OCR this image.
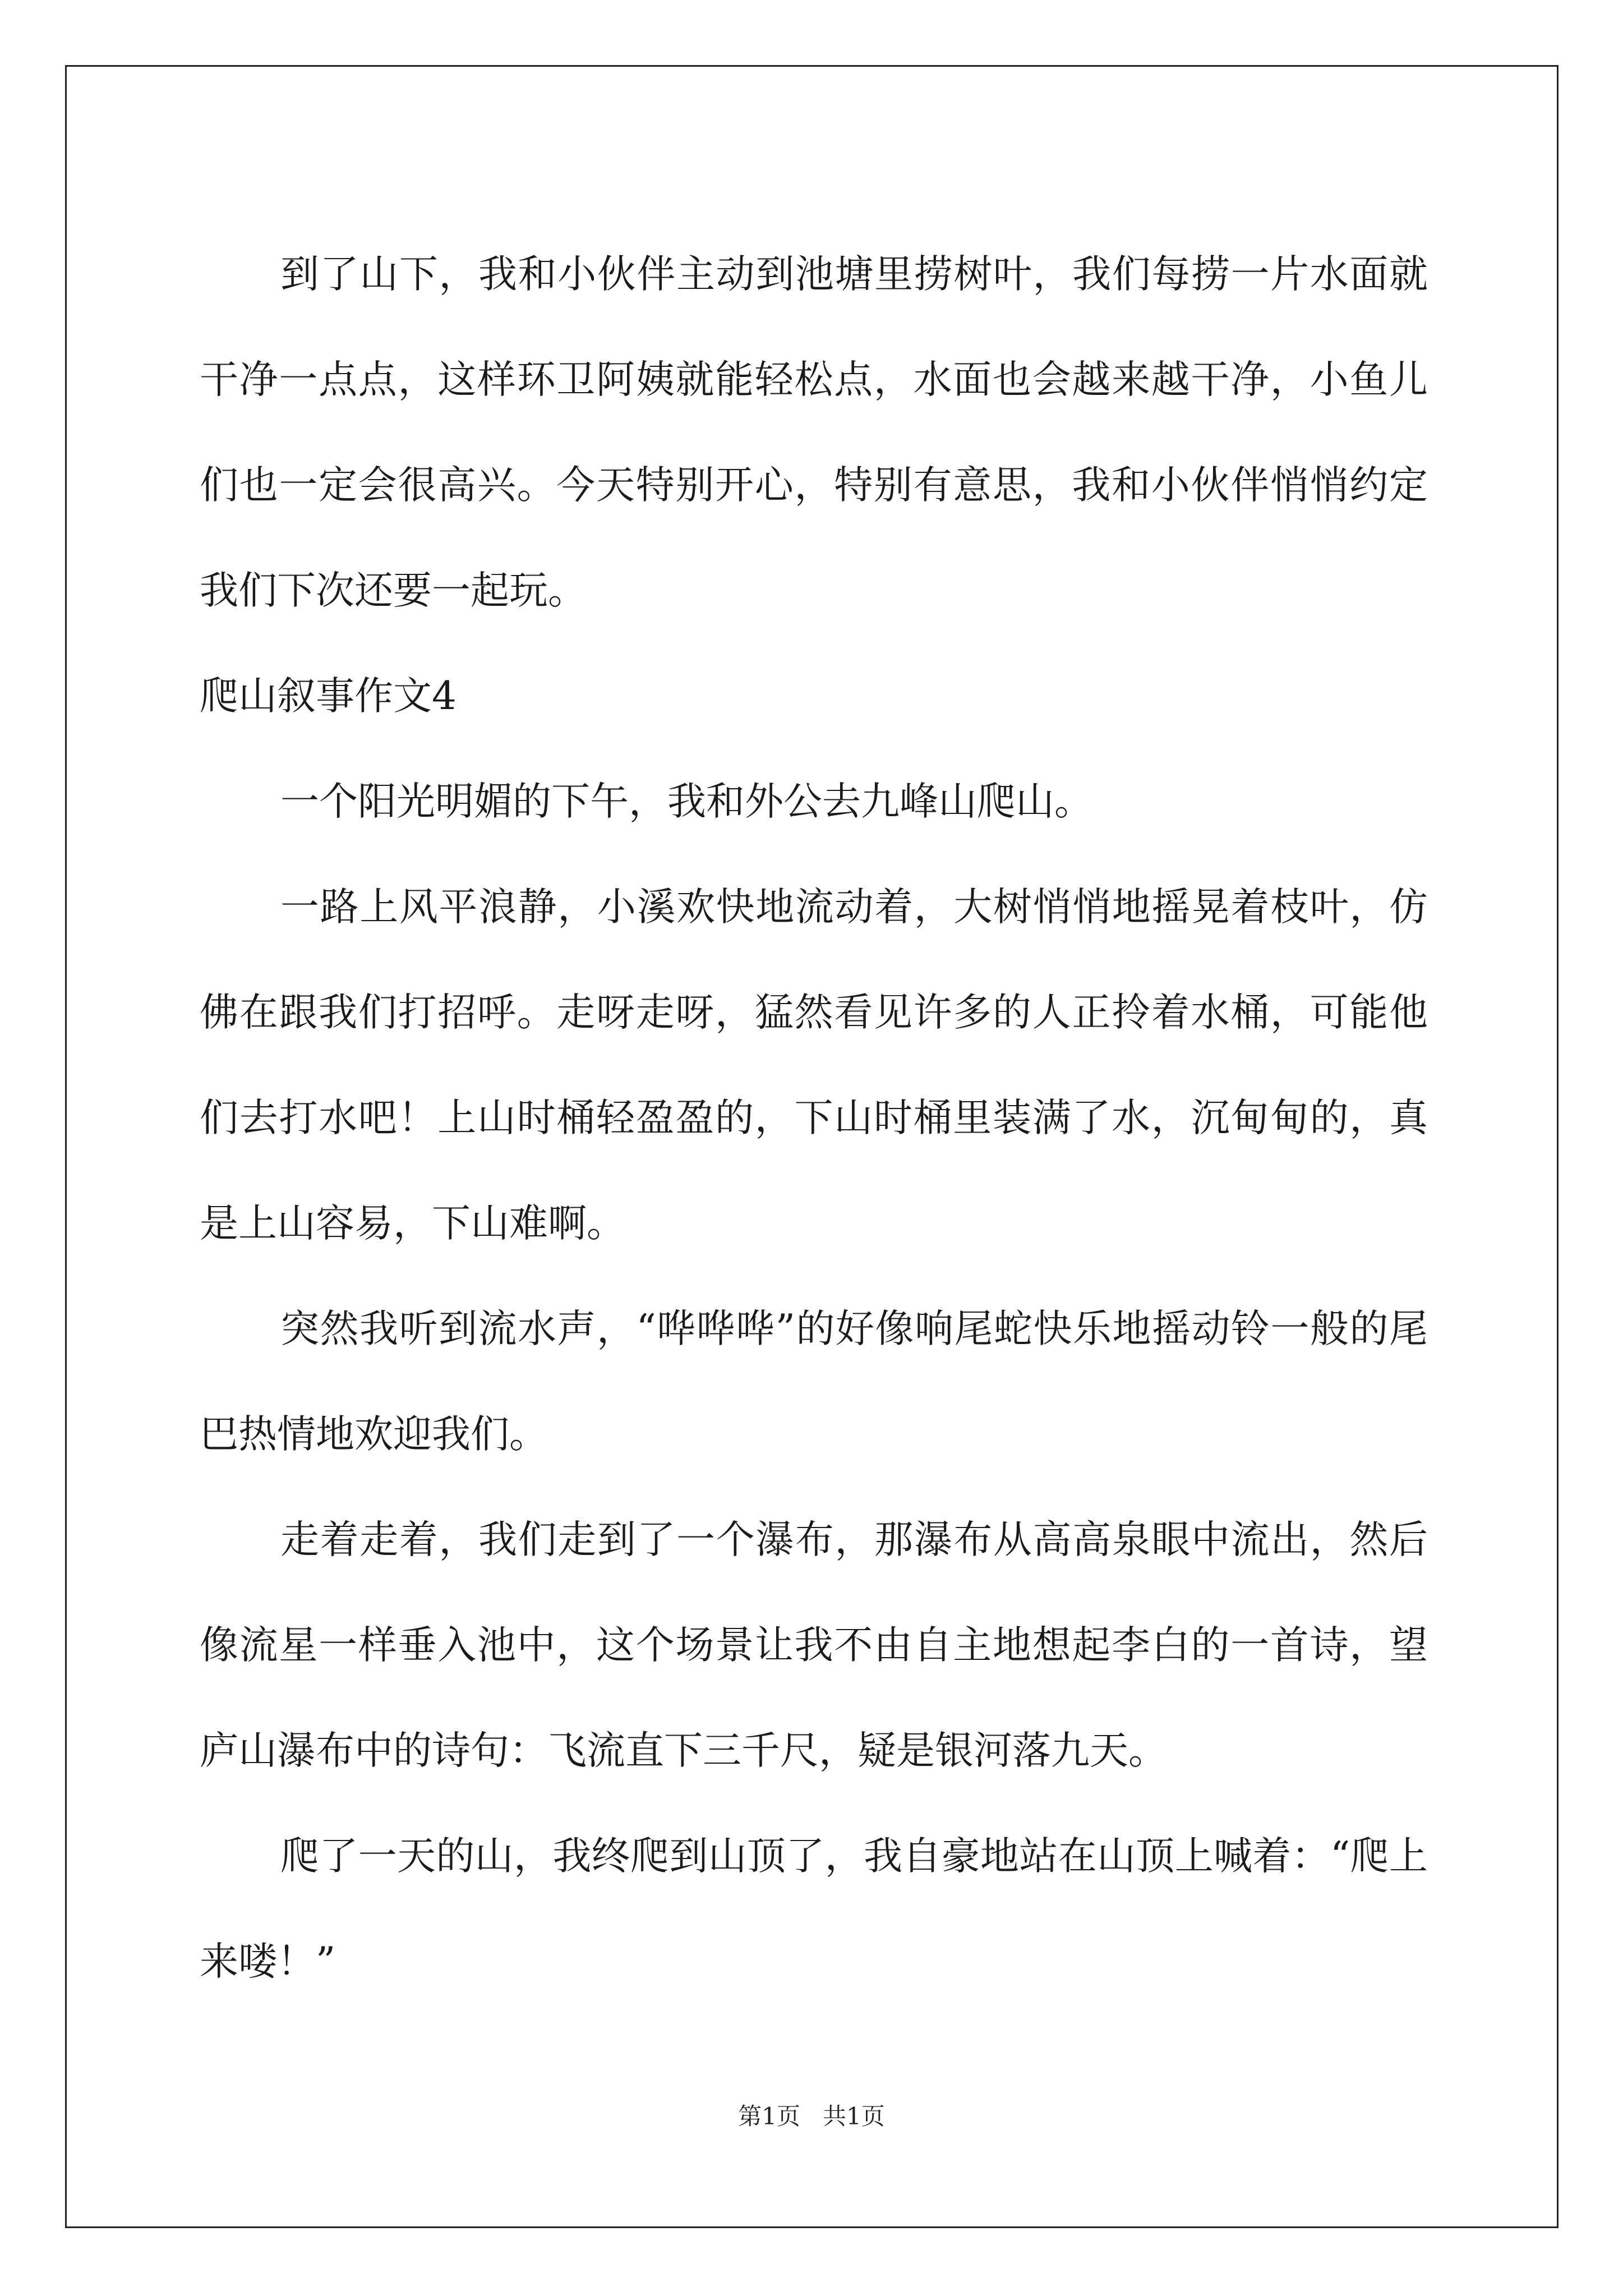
到了山下，我和小伙伴主动到池塘里捞树叶，我们每捞一片水面就干净一点点，这样环卫阿姨就能轻松点，水面也会越来越干净，小鱼儿们也一定会很高兴。今天特别开心，特别有意思，我和小伙伴悄悄约定我们下次还要一起玩。

爬山叙事作文4

一个阳光明媚的下午，我和外公去九峰山爬山。

一路上风平浪静，小溪欢快地流动着，大树悄悄地摇晃着枝叶，仿佛在跟我们打招呼。走呀走呀，猛然看见许多的人正拎着水桶，可能他们去打水吧！上山时桶轻盈盈的，下山时桶里装满了水，沉甸甸的，真是上山容易，下山难啊。

突然我听到流水声，“哗哗哗”的好像响尾蛇快乐地摇动铃一般的尾巴热情地欢迎我们。

走着走着，我们走到了一个瀑布，那瀑布从高高泉眼中流出，然后像流星一样垂入池中，这个场景让我不由自主地想起李白的一首诗，望庐山瀑布中的诗句：飞流直下三千尺，疑是银河落九天。

爬了一天的山，我终爬到山顶了，我自豪地站在山顶上喊着：“爬上来喽！”

第1页 共1页
